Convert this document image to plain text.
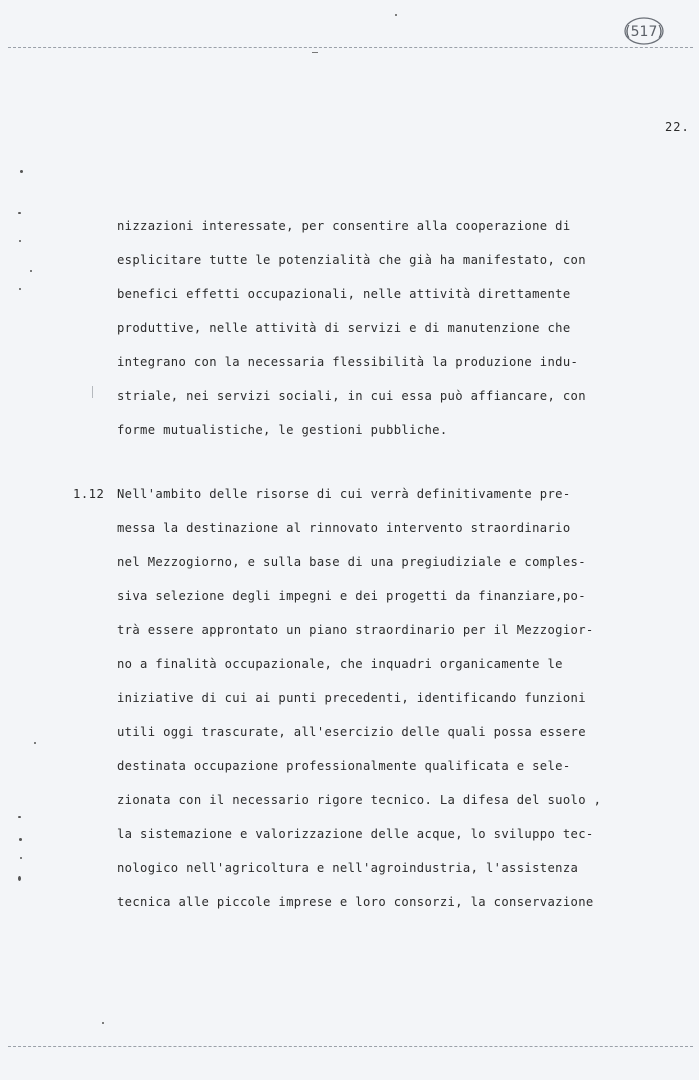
(517)
22.
nizzazioni interessate, per consentire alla cooperazione di
esplicitare tutte le potenzialità che già ha manifestato, con
benefici effetti occupazionali, nelle attività direttamente
produttive, nelle attività di servizi e di manutenzione che
integrano con la necessaria flessibilità la produzione indu-
striale, nei servizi sociali, in cui essa può affiancare, con
forme mutualistiche, le gestioni pubbliche.
1.12 Nell'ambito delle risorse di cui verrà definitivamente pre-
messa la destinazione al rinnovato intervento straordinario
nel Mezzogiorno, e sulla base di una pregiudiziale e comples-
siva selezione degli impegni e dei progetti da finanziare,po-
trà essere approntato un piano straordinario per il Mezzogior-
no a finalità occupazionale, che inquadri organicamente le
iniziative di cui ai punti precedenti, identificando funzioni
utili oggi trascurate, all'esercizio delle quali possa essere
destinata occupazione professionalmente qualificata e sele-
zionata con il necessario rigore tecnico. La difesa del suolo ,
la sistemazione e valorizzazione delle acque, lo sviluppo tec-
nologico nell'agricoltura e nell'agroindustria, l'assistenza
tecnica alle piccole imprese e loro consorzi, la conservazione
